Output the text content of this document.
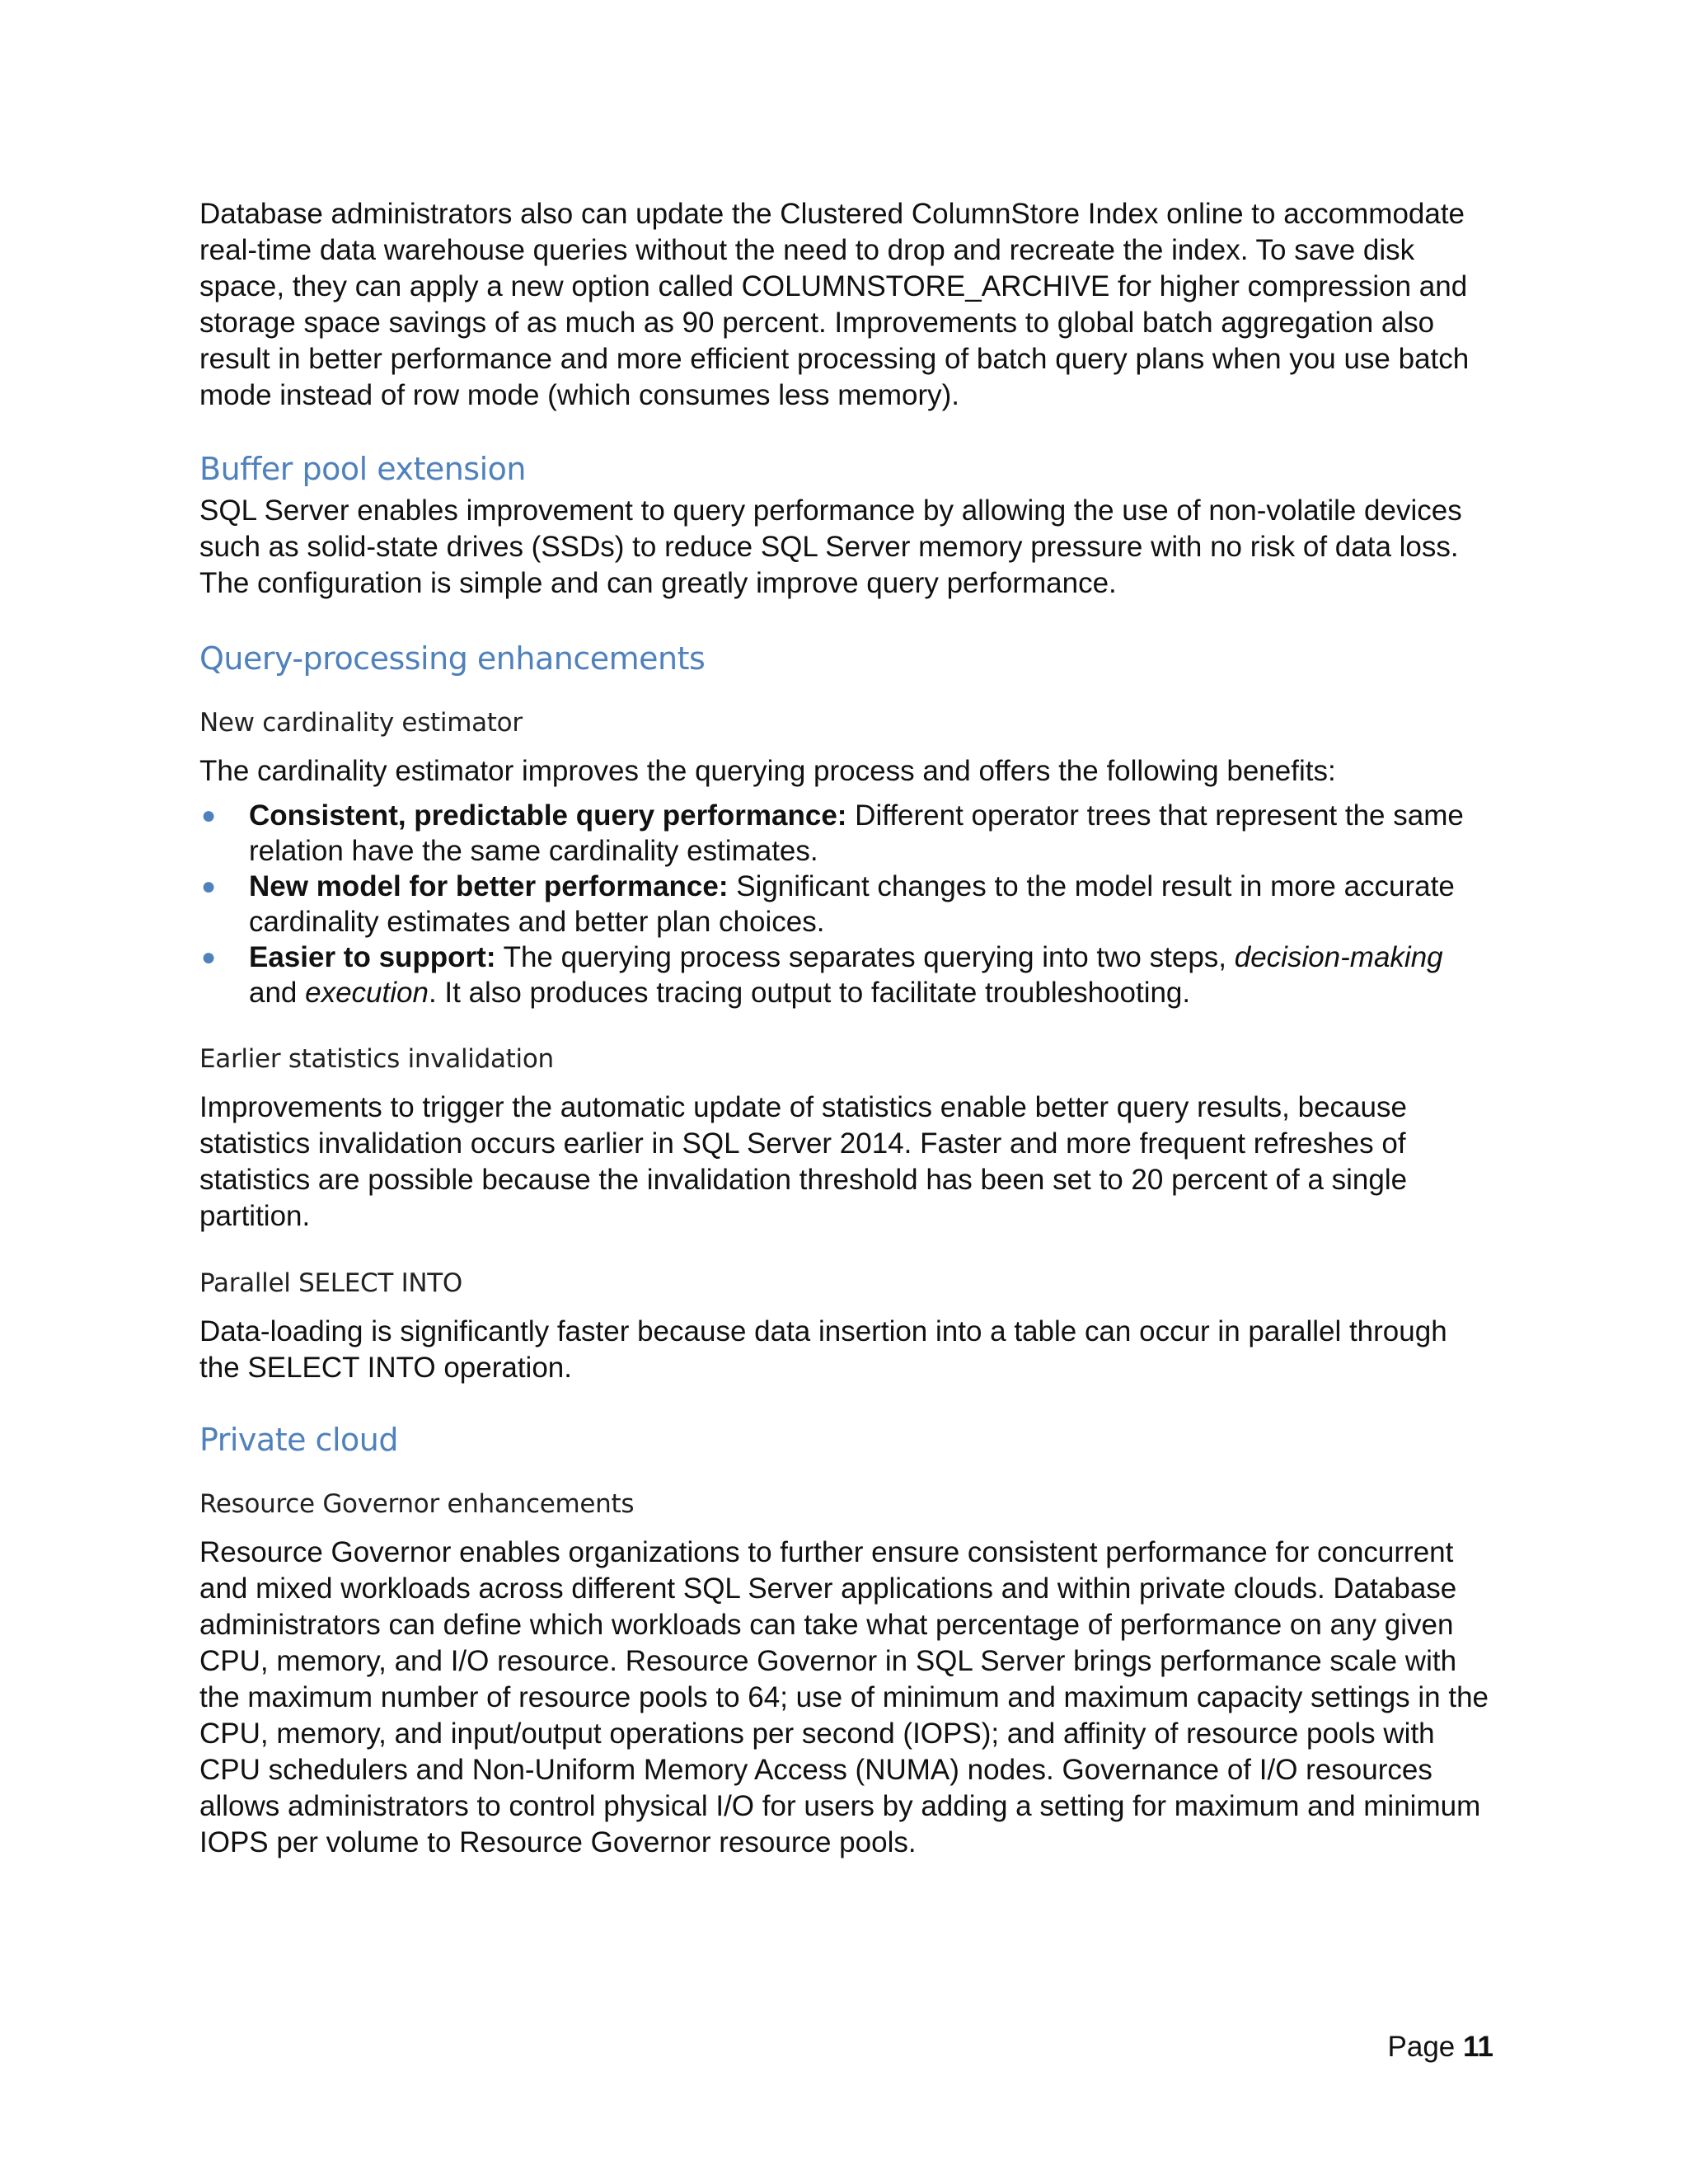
Database administrators also can update the Clustered ColumnStore Index online to accommodate real-time data warehouse queries without the need to drop and recreate the index. To save disk space, they can apply a new option called COLUMNSTORE_ARCHIVE for higher compression and storage space savings of as much as 90 percent. Improvements to global batch aggregation also result in better performance and more efficient processing of batch query plans when you use batch mode instead of row mode (which consumes less memory).

Buffer pool extension

SQL Server enables improvement to query performance by allowing the use of non-volatile devices such as solid-state drives (SSDs) to reduce SQL Server memory pressure with no risk of data loss. The configuration is simple and can greatly improve query performance.

Query-processing enhancements
New cardinality estimator

The cardinality estimator improves the querying process and offers the following benefits:

● Consistent, predictable query performance: Different operator trees that represent the same relation have the same cardinality estimates.
● New model for better performance: Significant changes to the model result in more accurate cardinality estimates and better plan choices.
● Easier to support: The querying process separates querying into two steps, decision-making and execution. It also produces tracing output to facilitate troubleshooting.
Earlier statistics invalidation

Improvements to trigger the automatic update of statistics enable better query results, because statistics invalidation occurs earlier in SQL Server 2014. Faster and more frequent refreshes of statistics are possible because the invalidation threshold has been set to 20 percent of a single partition.

Parallel SELECT INTO

Data-loading is significantly faster because data insertion into a table can occur in parallel through the SELECT INTO operation.

Private cloud
Resource Governor enhancements

Resource Governor enables organizations to further ensure consistent performance for concurrent and mixed workloads across different SQL Server applications and within private clouds. Database administrators can define which workloads can take what percentage of performance on any given CPU, memory, and I/O resource. Resource Governor in SQL Server brings performance scale with the maximum number of resource pools to 64; use of minimum and maximum capacity settings in the CPU, memory, and input/output operations per second (IOPS); and affinity of resource pools with CPU schedulers and Non-Uniform Memory Access (NUMA) nodes. Governance of I/O resources allows administrators to control physical I/O for users by adding a setting for maximum and minimum IOPS per volume to Resource Governor resource pools.

Page 11
